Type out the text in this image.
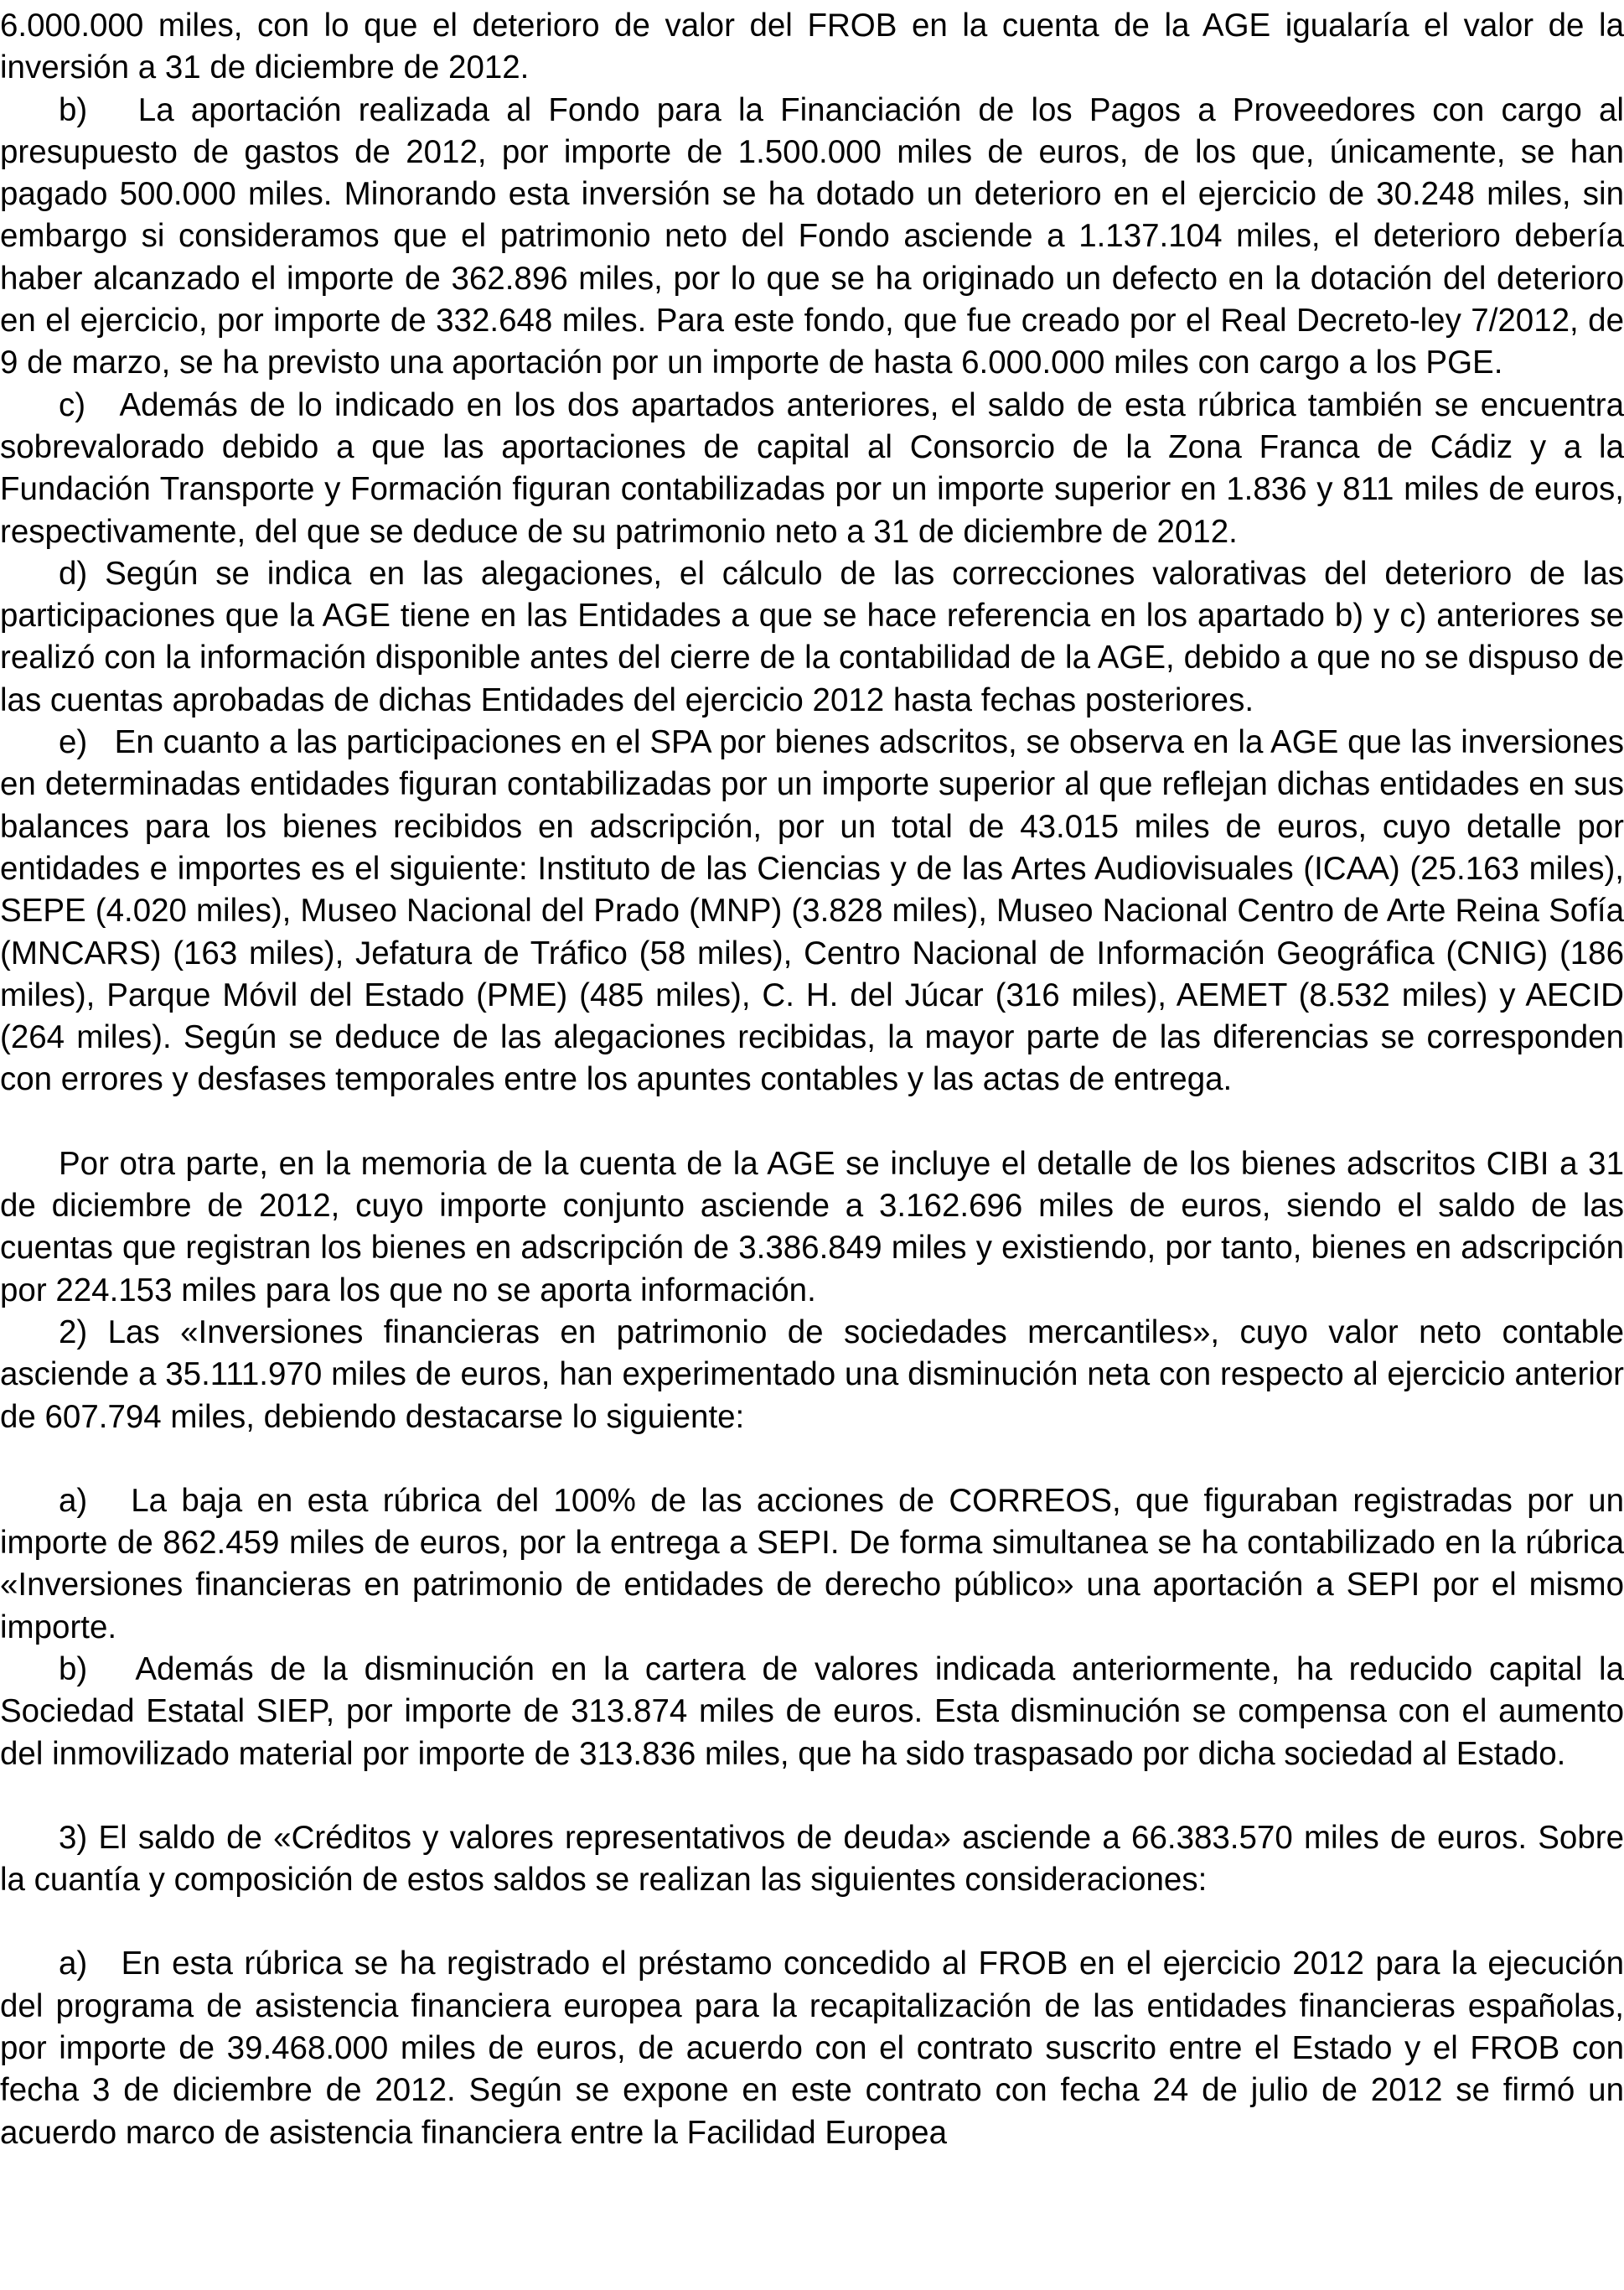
6.000.000 miles, con lo que el deterioro de valor del FROB en la cuenta de la AGE igualaría el valor de la inversión a 31 de diciembre de 2012.

b)   La aportación realizada al Fondo para la Financiación de los Pagos a Proveedores con cargo al presupuesto de gastos de 2012, por importe de 1.500.000 miles de euros, de los que, únicamente, se han pagado 500.000 miles. Minorando esta inversión se ha dotado un deterioro en el ejercicio de 30.248 miles, sin embargo si consideramos que el patrimonio neto del Fondo asciende a 1.137.104 miles, el deterioro debería haber alcanzado el importe de 362.896 miles, por lo que se ha originado un defecto en la dotación del deterioro en el ejercicio, por importe de 332.648 miles. Para este fondo, que fue creado por el Real Decreto-ley 7/2012, de 9 de marzo, se ha previsto una aportación por un importe de hasta 6.000.000 miles con cargo a los PGE.

c)   Además de lo indicado en los dos apartados anteriores, el saldo de esta rúbrica también se encuentra sobrevalorado debido a que las aportaciones de capital al Consorcio de la Zona Franca de Cádiz y a la Fundación Transporte y Formación figuran contabilizadas por un importe superior en 1.836 y 811 miles de euros, respectivamente, del que se deduce de su patrimonio neto a 31 de diciembre de 2012.

d) Según se indica en las alegaciones, el cálculo de las correcciones valorativas del deterioro de las participaciones que la AGE tiene en las Entidades a que se hace referencia en los apartado b) y c) anteriores se realizó con la información disponible antes del cierre de la contabilidad de la AGE, debido a que no se dispuso de las cuentas aprobadas de dichas Entidades del ejercicio 2012 hasta fechas posteriores.

e)   En cuanto a las participaciones en el SPA por bienes adscritos, se observa en la AGE que las inversiones en determinadas entidades figuran contabilizadas por un importe superior al que reflejan dichas entidades en sus balances para los bienes recibidos en adscripción, por un total de 43.015 miles de euros, cuyo detalle por entidades e importes es el siguiente: Instituto de las Ciencias y de las Artes Audiovisuales (ICAA) (25.163 miles), SEPE (4.020 miles), Museo Nacional del Prado (MNP) (3.828 miles), Museo Nacional Centro de Arte Reina Sofía (MNCARS) (163 miles), Jefatura de Tráfico (58 miles), Centro Nacional de Información Geográfica (CNIG) (186 miles), Parque Móvil del Estado (PME) (485 miles), C. H. del Júcar (316 miles), AEMET (8.532 miles) y AECID (264 miles). Según se deduce de las alegaciones recibidas, la mayor parte de las diferencias se corresponden con errores y desfases temporales entre los apuntes contables y las actas de entrega.

Por otra parte, en la memoria de la cuenta de la AGE se incluye el detalle de los bienes adscritos CIBI a 31 de diciembre de 2012, cuyo importe conjunto asciende a 3.162.696 miles de euros, siendo el saldo de las cuentas que registran los bienes en adscripción de 3.386.849 miles y existiendo, por tanto, bienes en adscripción por 224.153 miles para los que no se aporta información.

2) Las «Inversiones financieras en patrimonio de sociedades mercantiles», cuyo valor neto contable asciende a 35.111.970 miles de euros, han experimentado una disminución neta con respecto al ejercicio anterior de 607.794 miles, debiendo destacarse lo siguiente:

a)   La baja en esta rúbrica del 100% de las acciones de CORREOS, que figuraban registradas por un importe de 862.459 miles de euros, por la entrega a SEPI. De forma simultanea se ha contabilizado en la rúbrica «Inversiones financieras en patrimonio de entidades de derecho público» una aportación a SEPI por el mismo importe.

b)   Además de la disminución en la cartera de valores indicada anteriormente, ha reducido capital la Sociedad Estatal SIEP, por importe de 313.874 miles de euros. Esta disminución se compensa con el aumento del inmovilizado material por importe de 313.836 miles, que ha sido traspasado por dicha sociedad al Estado.

3) El saldo de «Créditos y valores representativos de deuda» asciende a 66.383.570 miles de euros. Sobre la cuantía y composición de estos saldos se realizan las siguientes consideraciones:

a)   En esta rúbrica se ha registrado el préstamo concedido al FROB en el ejercicio 2012 para la ejecución del programa de asistencia financiera europea para la recapitalización de las entidades financieras españolas, por importe de 39.468.000 miles de euros, de acuerdo con el contrato suscrito entre el Estado y el FROB con fecha 3 de diciembre de 2012. Según se expone en este contrato con fecha 24 de julio de 2012 se firmó un acuerdo marco de asistencia financiera entre la Facilidad Europea
